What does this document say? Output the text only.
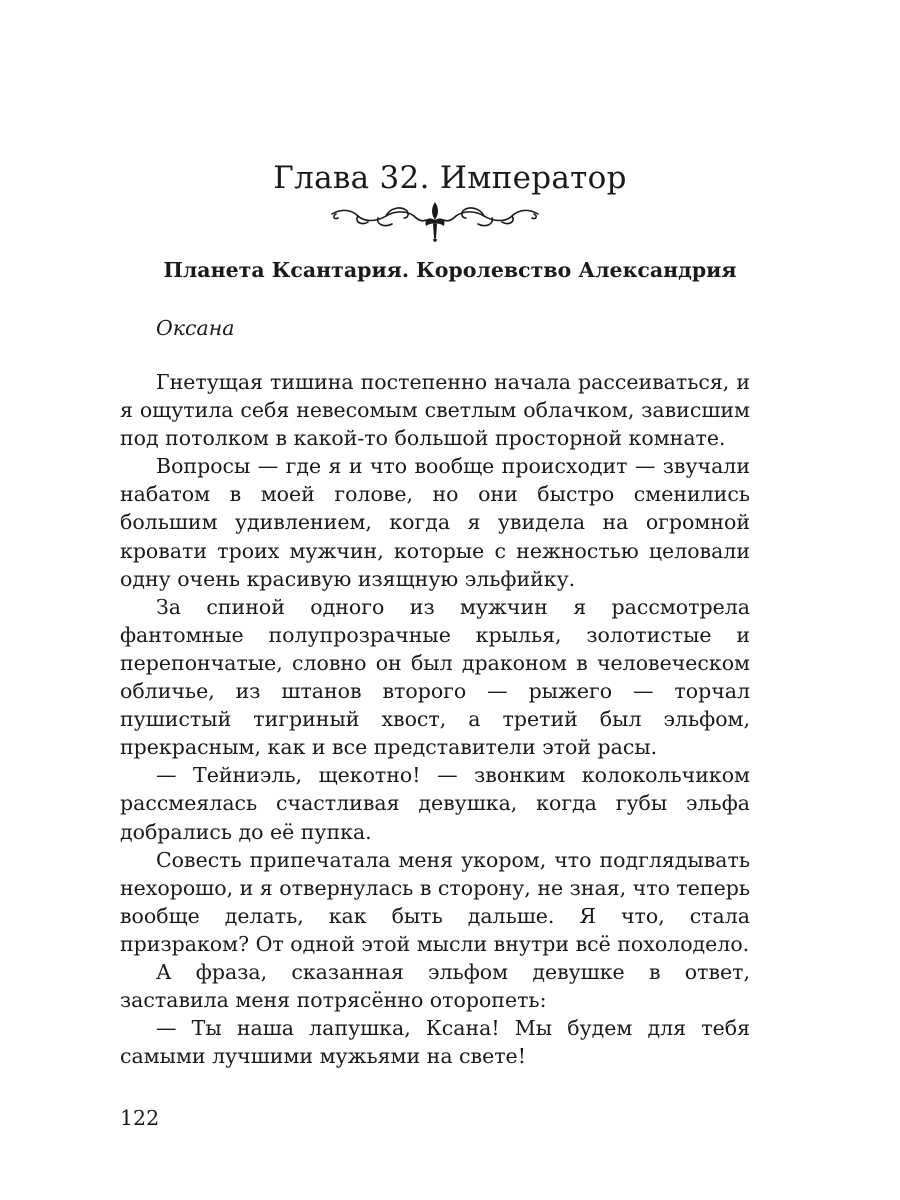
Глава 32. Император

Планета Ксантария. Королевство Александрия

Оксана

Гнетущая тишина постепенно начала рассеиваться, и я ощутила себя невесомым светлым облачком, зависшим под потолком в какой-то большой просторной комнате.

Вопросы — где я и что вообще происходит — звучали набатом в моей голове, но они быстро сменились большим удивлением, когда я увидела на огромной кровати троих мужчин, которые с нежностью целовали одну очень красивую изящную эльфийку.

За спиной одного из мужчин я рассмотрела фантомные полупрозрачные крылья, золотистые и перепончатые, словно он был драконом в человеческом обличье, из штанов второго — рыжего — торчал пушистый тигриный хвост, а третий был эльфом, прекрасным, как и все представители этой расы.

— Тейниэль, щекотно! — звонким колокольчиком рассмеялась счастливая девушка, когда губы эльфа добрались до её пупка.

Совесть припечатала меня укором, что подглядывать нехорошо, и я отвернулась в сторону, не зная, что теперь вообще делать, как быть дальше. Я что, стала призраком? От одной этой мысли внутри всё похолодело.

А фраза, сказанная эльфом девушке в ответ, заставила меня потрясённо оторопеть:

— Ты наша лапушка, Ксана! Мы будем для тебя самыми лучшими мужьями на свете!

122
